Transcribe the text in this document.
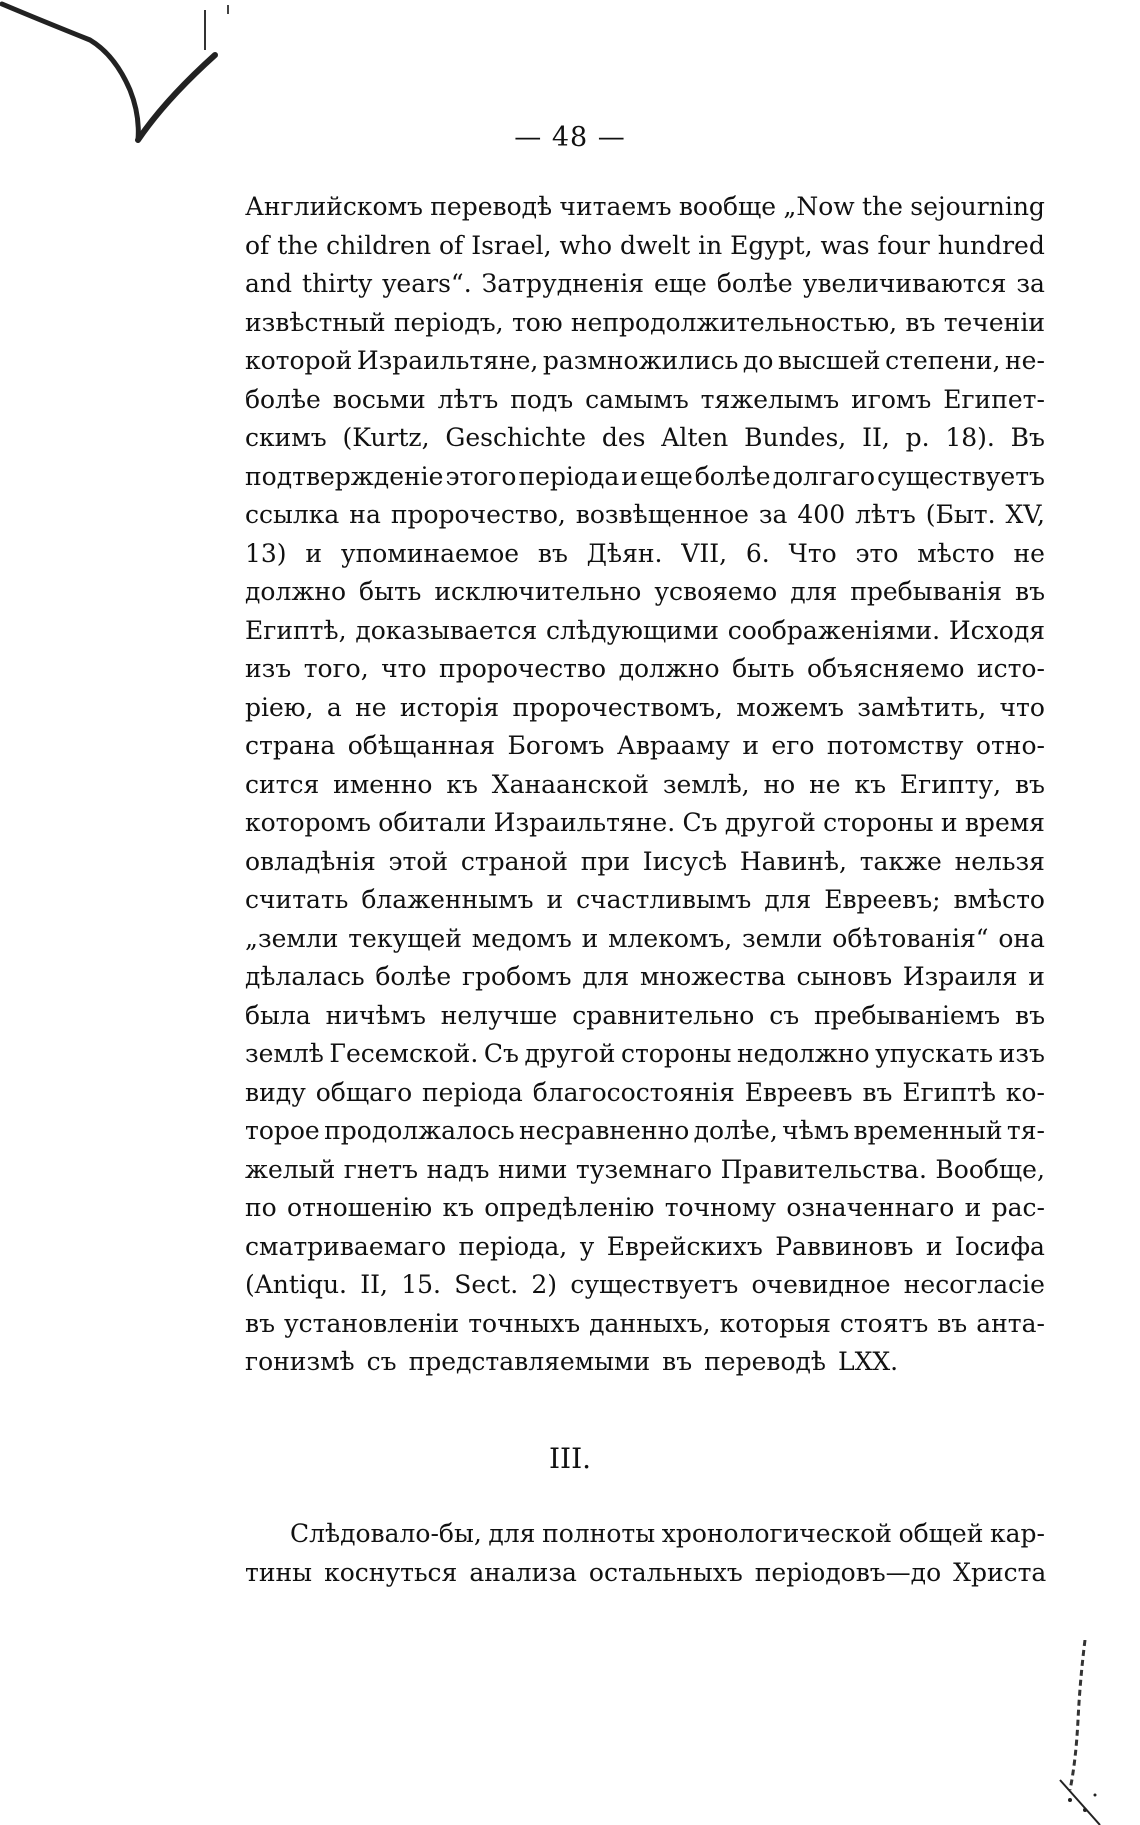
— 48 —
Английскомъ переводѣ читаемъ вообще „Now the sejourning
of the children of Israel, who dwelt in Egypt, was four hundred
and thirty years“. Затрудненія еще болѣе увеличиваются за
извѣстный періодъ, тою непродолжительностью, въ теченіи
которой Израильтяне, размножились до высшей степени, не-
болѣе восьми лѣтъ подъ самымъ тяжелымъ игомъ Египет-
скимъ (Kurtz, Geschichte des Alten Bundes, II, p. 18). Въ
подтвержденіе этого періода и еще болѣе долгаго существуетъ
ссылка на пророчество, возвѣщенное за 400 лѣтъ (Быт. XV,
13) и упоминаемое въ Дѣян. VII, 6. Что это мѣсто не
должно быть исключительно усвояемо для пребыванія въ
Египтѣ, доказывается слѣдующими соображеніями. Исходя
изъ того, что пророчество должно быть объясняемо исто-
ріею, а не исторія пророчествомъ, можемъ замѣтить, что
страна обѣщанная Богомъ Аврааму и его потомству отно-
сится именно къ Ханаанской землѣ, но не къ Египту, въ
которомъ обитали Израильтяне. Съ другой стороны и время
овладѣнія этой страной при Іисусѣ Навинѣ, также нельзя
считать блаженнымъ и счастливымъ для Евреевъ; вмѣсто
„земли текущей медомъ и млекомъ, земли обѣтованія“ она
дѣлалась болѣе гробомъ для множества сыновъ Израиля и
была ничѣмъ нелучше сравнительно съ пребываніемъ въ
землѣ Гесемской. Съ другой стороны недолжно упускать изъ
виду общаго періода благосостоянія Евреевъ въ Египтѣ ко-
торое продолжалось несравненно долѣе, чѣмъ временный тя-
желый гнетъ надъ ними туземнаго Правительства. Вообще,
по отношенію къ опредѣленію точному означеннаго и рас-
сматриваемаго періода, у Еврейскихъ Раввиновъ и Іосифа
(Antiqu. II, 15. Sect. 2) существуетъ очевидное несогласіе
въ установленіи точныхъ данныхъ, которыя стоятъ въ анта-
гонизмѣ съ представляемыми въ переводѣ LXX.
III.
Слѣдовало-бы, для полноты хронологической общей кар-
тины коснуться анализа остальныхъ періодовъ—до Христа
